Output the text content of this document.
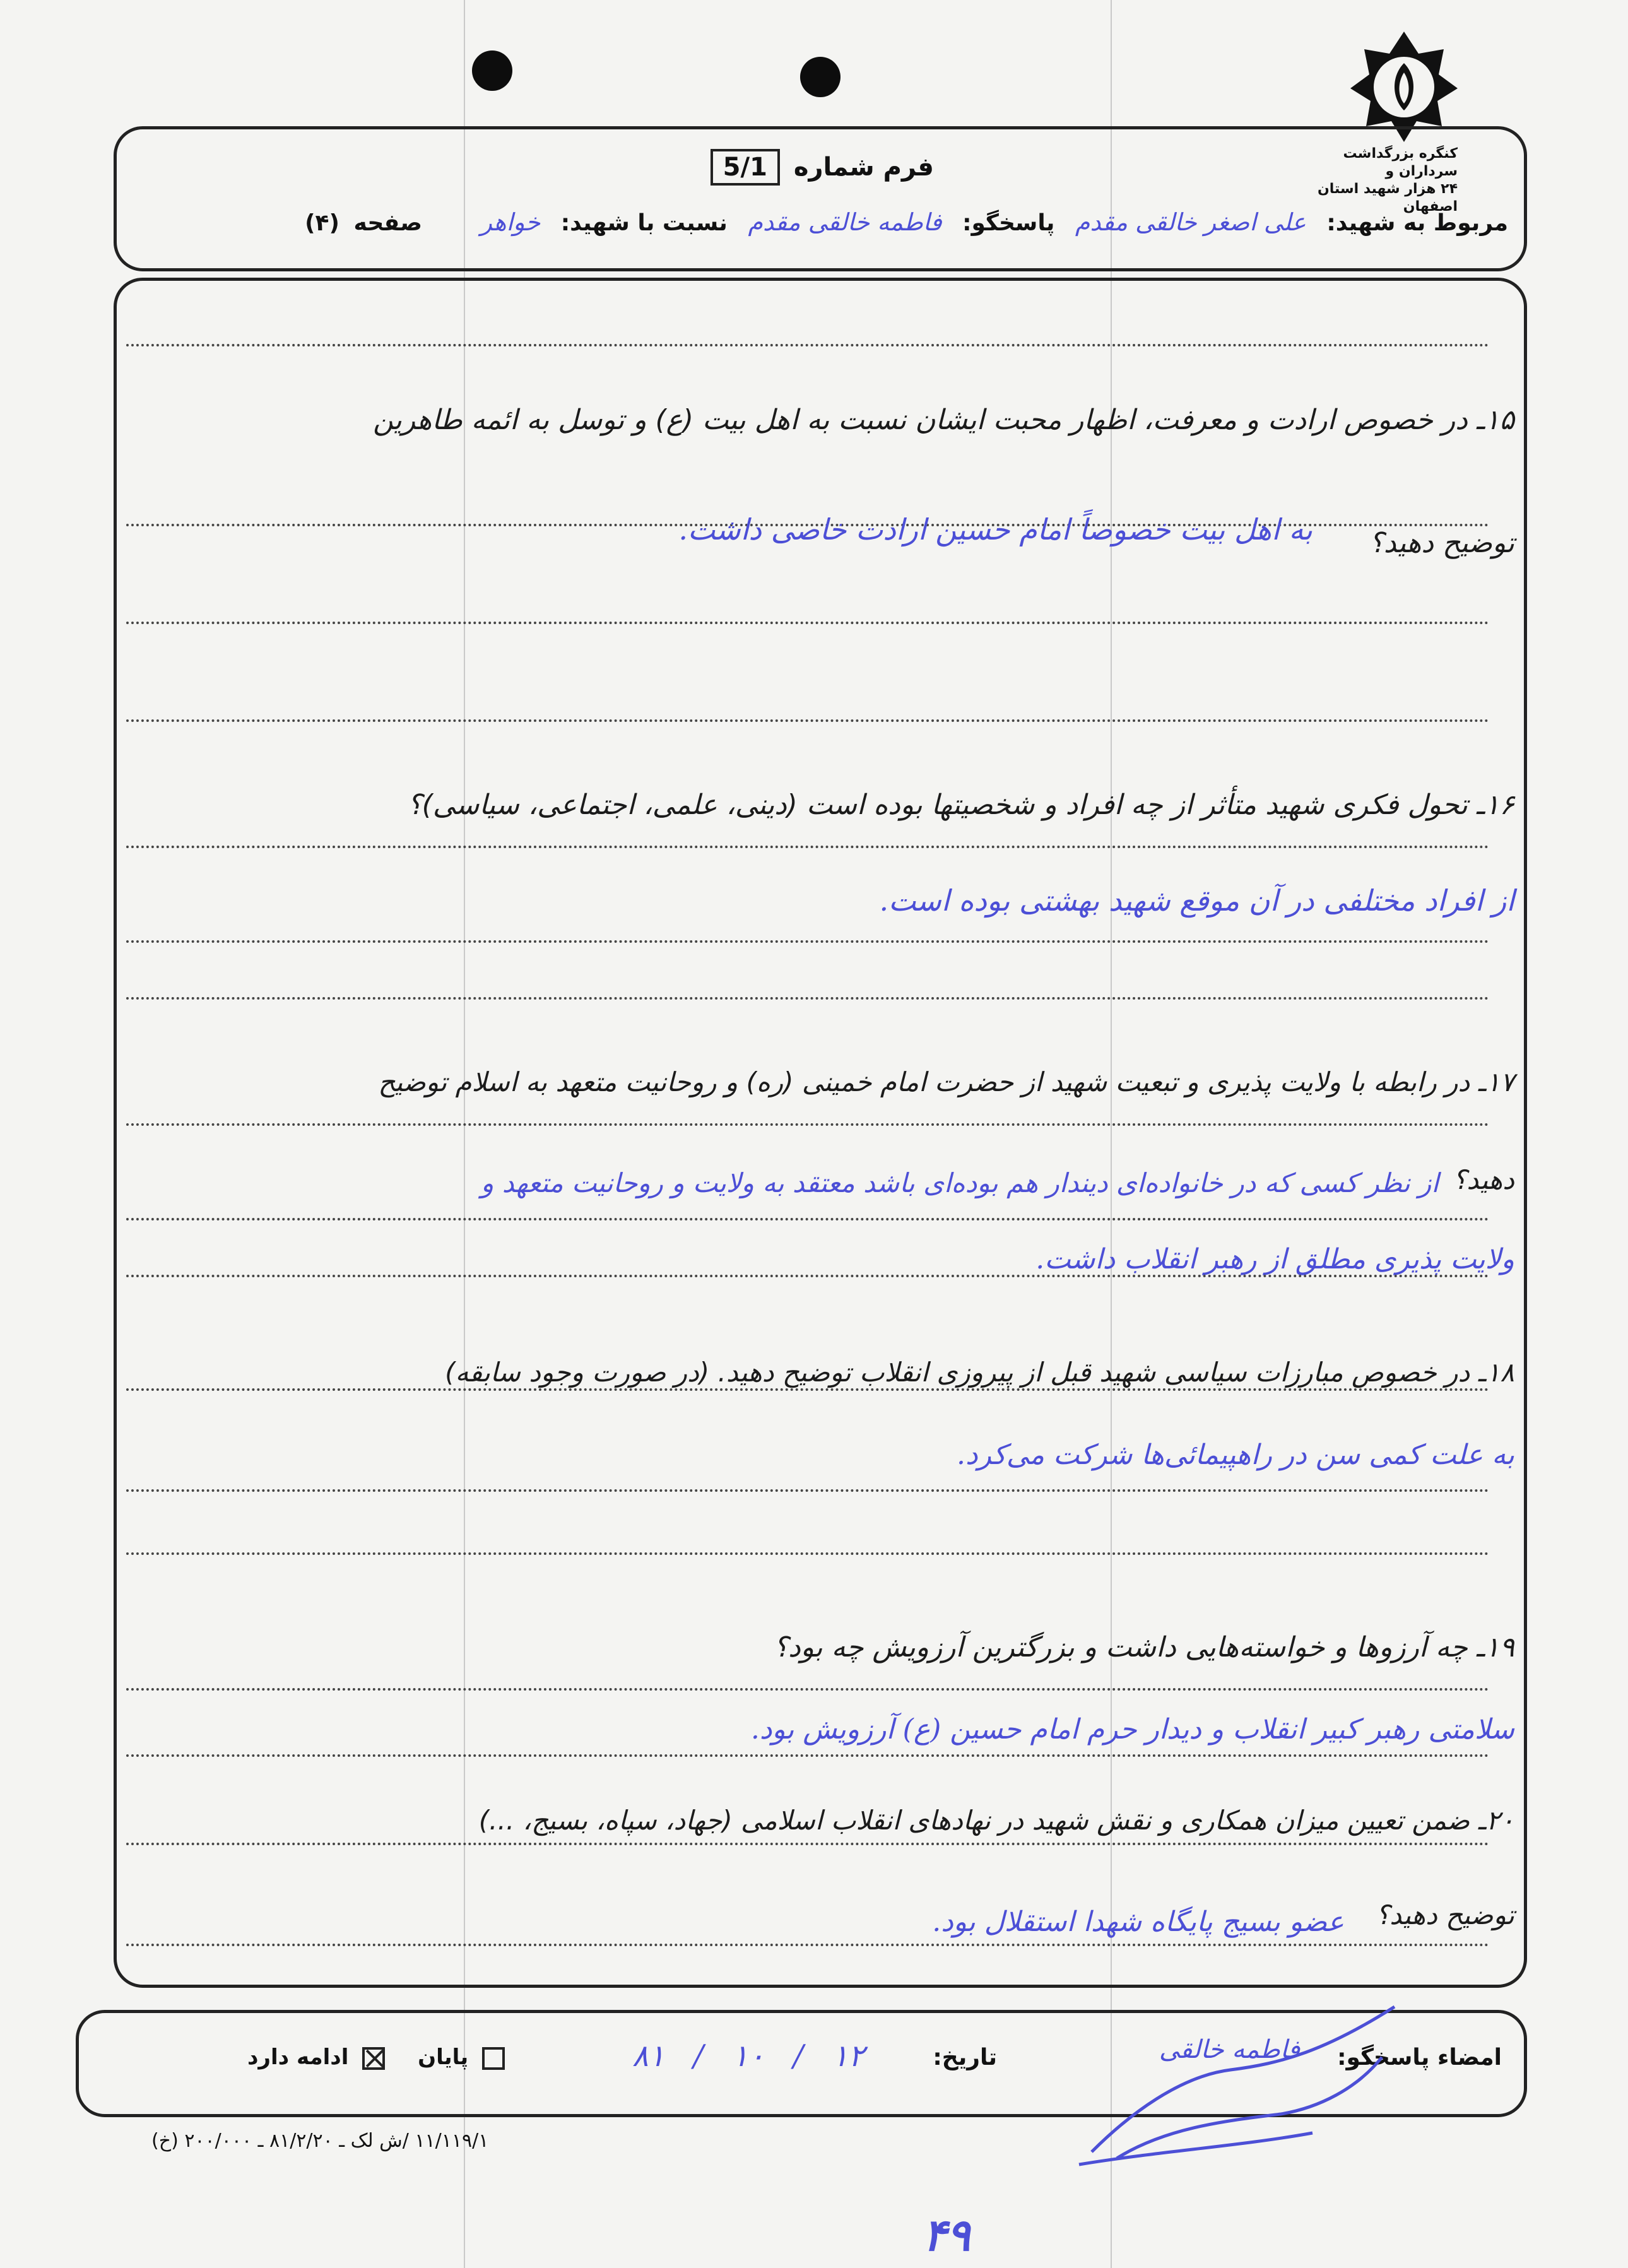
کنگره بزرگداشت سرداران و
۲۴ هزار شهید استان اصفهان
فرم شماره 5/1
مربوط به شهید: علی اصغر خالقی مقدم پاسخگو: فاطمه خالقی مقدم نسبت با شهید: خواهر صفحه (۴)
۱۵ـ در خصوص ارادت و معرفت، اظهار محبت ایشان نسبت به اهل بیت (ع) و توسل به ائمه طاهرین
توضیح دهید؟
به اهل بیت خصوصاً امام حسین ارادت خاصی داشت.
۱۶ـ تحول فکری شهید متأثر از چه افراد و شخصیتها بوده است (دینی، علمی، اجتماعی، سیاسی)؟
از افراد مختلفی در آن موقع شهید بهشتی بوده است.
۱۷ـ در رابطه با ولایت پذیری و تبعیت شهید از حضرت امام خمینی (ره) و روحانیت متعهد به اسلام توضیح
دهید؟
از نظر کسی که در خانواده‌ای دیندار هم بوده‌ای باشد معتقد به ولایت و روحانیت متعهد و
ولایت پذیری مطلق از رهبر انقلاب داشت.
۱۸ـ در خصوص مبارزات سیاسی شهید قبل از پیروزی انقلاب توضیح دهید. (در صورت وجود سابقه)
به علت کمی سن در راهپیمائی‌ها شرکت می‌کرد.
۱۹ـ چه آرزوها و خواسته‌هایی داشت و بزرگترین آرزویش چه بود؟
سلامتی رهبر کبیر انقلاب و دیدار حرم امام حسین (ع) آرزویش بود.
۲۰ـ ضمن تعیین میزان همکاری و نقش شهید در نهادهای انقلاب اسلامی (جهاد، سپاه، بسیج، ...)
توضیح دهید؟
عضو بسیج پایگاه شهدا استقلال بود.
امضاء پاسخگو:
فاطمه خالقی
تاریخ:
۱۲ / ۱۰ / ۸۱
پایان  ادامه دارد
۱۱/۱۱۹/۱ /ش لک ـ ۸۱/۲/۲۰ ـ ۲۰۰/۰۰۰ (خ)
۴۹
